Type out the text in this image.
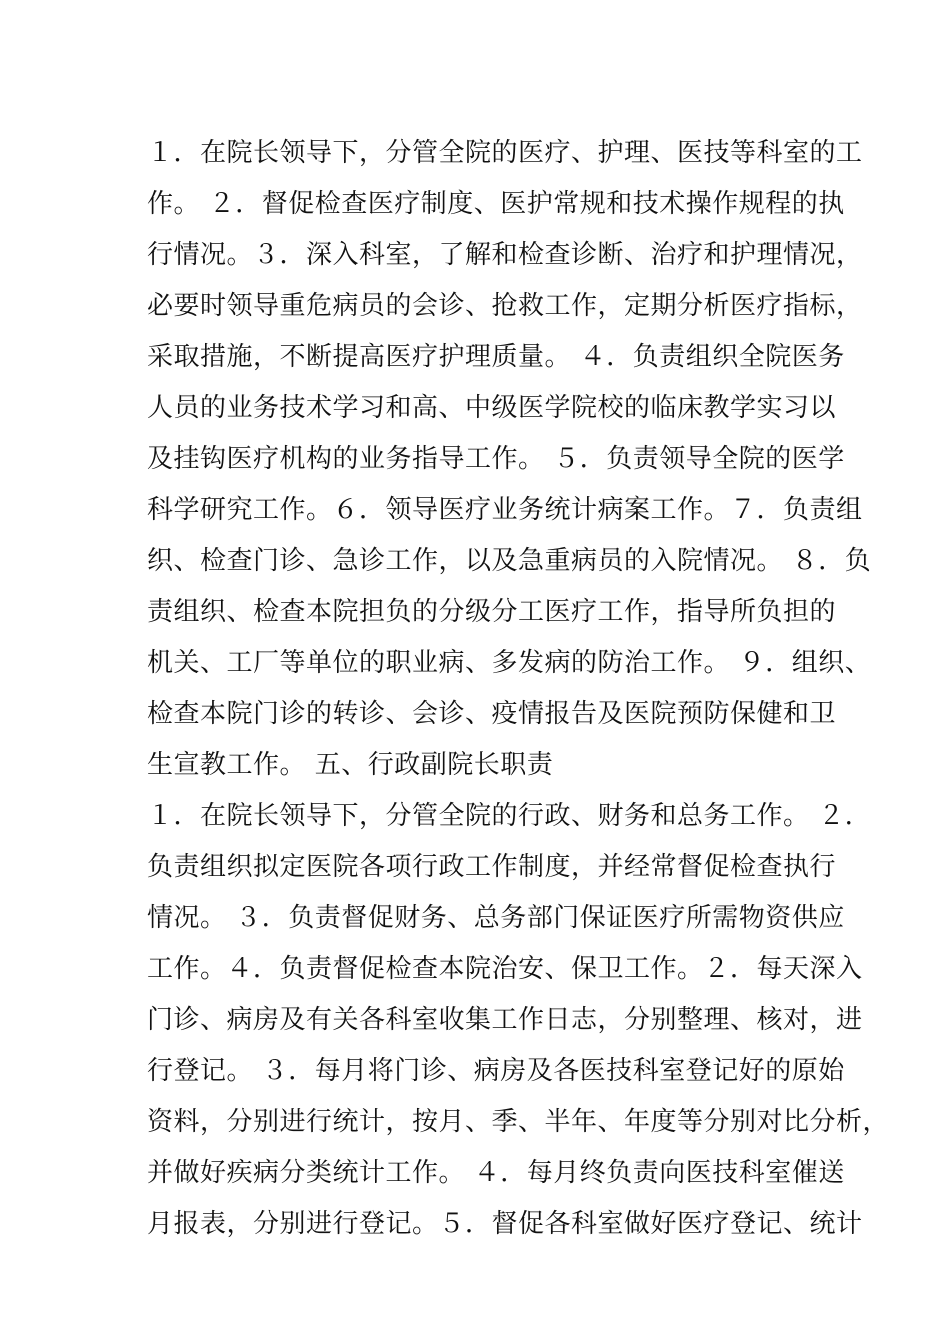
１．在院长领导下，分管全院的医疗、护理、医技等科室的工
作。 ２．督促检查医疗制度、医护常规和技术操作规程的执
行情况。３．深入科室，了解和检查诊断、治疗和护理情况，
必要时领导重危病员的会诊、抢救工作，定期分析医疗指标，
采取措施，不断提高医疗护理质量。 ４．负责组织全院医务
人员的业务技术学习和高、中级医学院校的临床教学实习以
及挂钩医疗机构的业务指导工作。 ５．负责领导全院的医学
科学研究工作。６．领导医疗业务统计病案工作。７．负责组
织、检查门诊、急诊工作，以及急重病员的入院情况。 ８．负
责组织、检查本院担负的分级分工医疗工作，指导所负担的
机关、工厂等单位的职业病、多发病的防治工作。 ９．组织、
检查本院门诊的转诊、会诊、疫情报告及医院预防保健和卫
生宣教工作。 五、行政副院长职责
１．在院长领导下，分管全院的行政、财务和总务工作。 ２．
负责组织拟定医院各项行政工作制度，并经常督促检查执行
情况。 ３．负责督促财务、总务部门保证医疗所需物资供应
工作。４．负责督促检查本院治安、保卫工作。２．每天深入
门诊、病房及有关各科室收集工作日志，分别整理、核对，进
行登记。 ３．每月将门诊、病房及各医技科室登记好的原始
资料，分别进行统计，按月、季、半年、年度等分别对比分析，
并做好疾病分类统计工作。 ４．每月终负责向医技科室催送
月报表，分别进行登记。５．督促各科室做好医疗登记、统计
